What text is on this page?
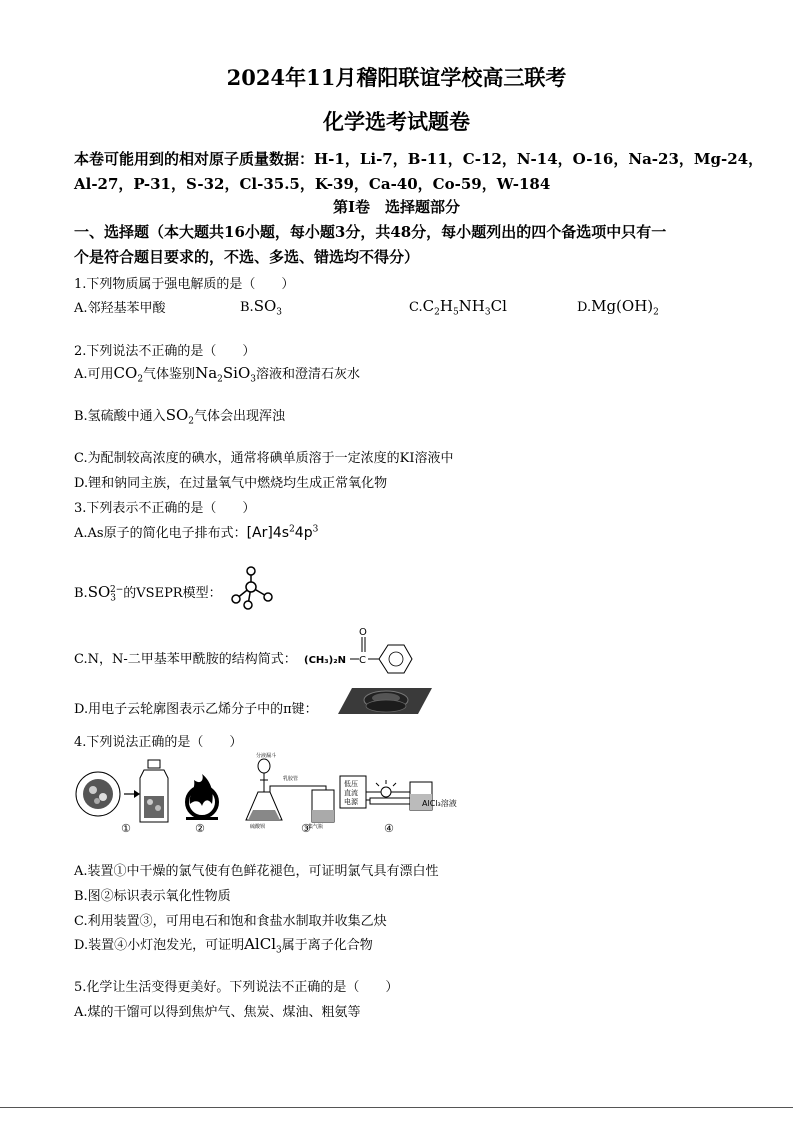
2024年11月稽阳联谊学校高三联考
化学选考试题卷
本卷可能用到的相对原子质量数据：H-1，Li-7，B-11，C-12，N-14，O-16，Na-23，Mg-24，
Al-27，P-31，S-32，Cl-35.5，K-39，Ca-40，Co-59，W-184
第Ⅰ卷　选择题部分
一、选择题（本大题共16小题，每小题3分，共48分，每小题列出的四个备选项中只有一
个是符合题目要求的，不选、多选、错选均不得分）
1.下列物质属于强电解质的是（　　）
A.邻羟基苯甲酸	$B.SO_3$	$C.C_2H_5NH_3Cl$	$D.Mg(OH)_2$
2.下列说法不正确的是（　　）
A.可用$CO_2$气体鉴别$Na_2SiO_3$溶液和澄清石灰水
B.氢硫酸中通入$SO_2$气体会出现浑浊
C.为配制较高浓度的碘水，通常将碘单质溶于一定浓度的KI溶液中
D.锂和钠同主族，在过量氧气中燃烧均生成正常氧化物
3.下列表示不正确的是（　　）
A.As原子的简化电子排布式：$[Ar]4s^24p^3$
$B.SO_3^{2-}$的VSEPR模型：
C.N，N-二甲基苯甲酰胺的结构简式： (CH₃)₂N C
O
D.用电子云轮廓图表示乙烯分子中的π键：
4.下列说法正确的是（　　）
①	②
分液漏斗
硫酸钡
乳胶管
集气瓶
③
低压
直流
电源	AlCl₃溶液
④
A.装置①中干燥的氯气使有色鲜花褪色，可证明氯气具有漂白性
B.图②标识表示氧化性物质
C.利用装置③，可用电石和饱和食盐水制取并收集乙炔
D.装置④小灯泡发光，可证明AlCl$_3$属于离子化合物
5.化学让生活变得更美好。下列说法不正确的是（　　）
A.煤的干馏可以得到焦炉气、焦炭、煤油、粗氨等
